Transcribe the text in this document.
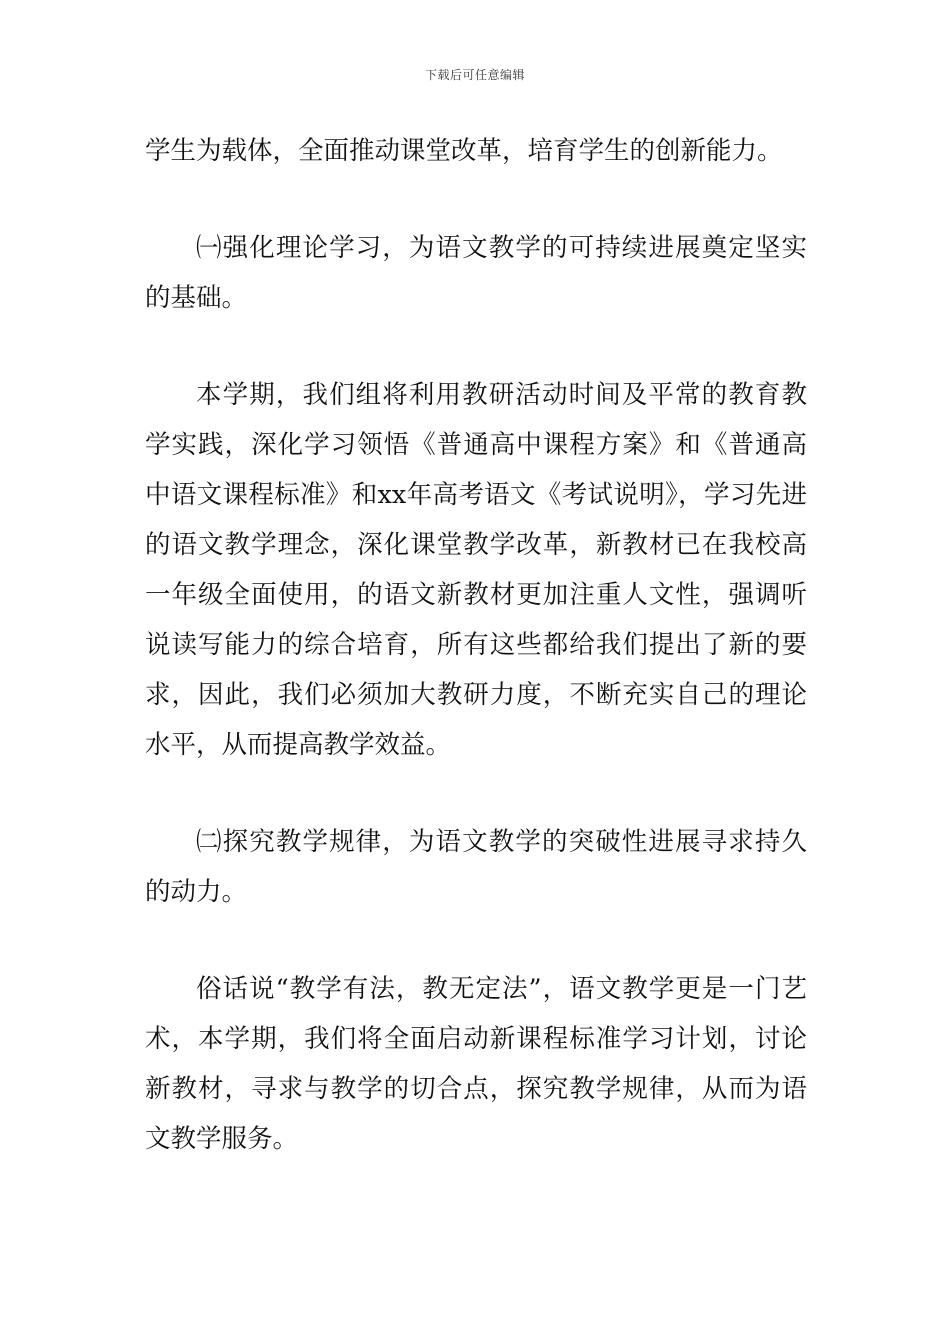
下载后可任意编辑

学生为载体，全面推动课堂改革，培育学生的创新能力。

㈠强化理论学习，为语文教学的可持续进展奠定坚实的基础。

本学期，我们组将利用教研活动时间及平常的教育教学实践，深化学习领悟《普通高中课程方案》和《普通高中语文课程标准》和xx年高考语文《考试说明》，学习先进的语文教学理念，深化课堂教学改革，新教材已在我校高一年级全面使用，的语文新教材更加注重人文性，强调听说读写能力的综合培育，所有这些都给我们提出了新的要求，因此，我们必须加大教研力度，不断充实自己的理论水平，从而提高教学效益。

㈡探究教学规律，为语文教学的突破性进展寻求持久的动力。

俗话说“教学有法，教无定法”，语文教学更是一门艺术，本学期，我们将全面启动新课程标准学习计划，讨论新教材，寻求与教学的切合点，探究教学规律，从而为语文教学服务。
